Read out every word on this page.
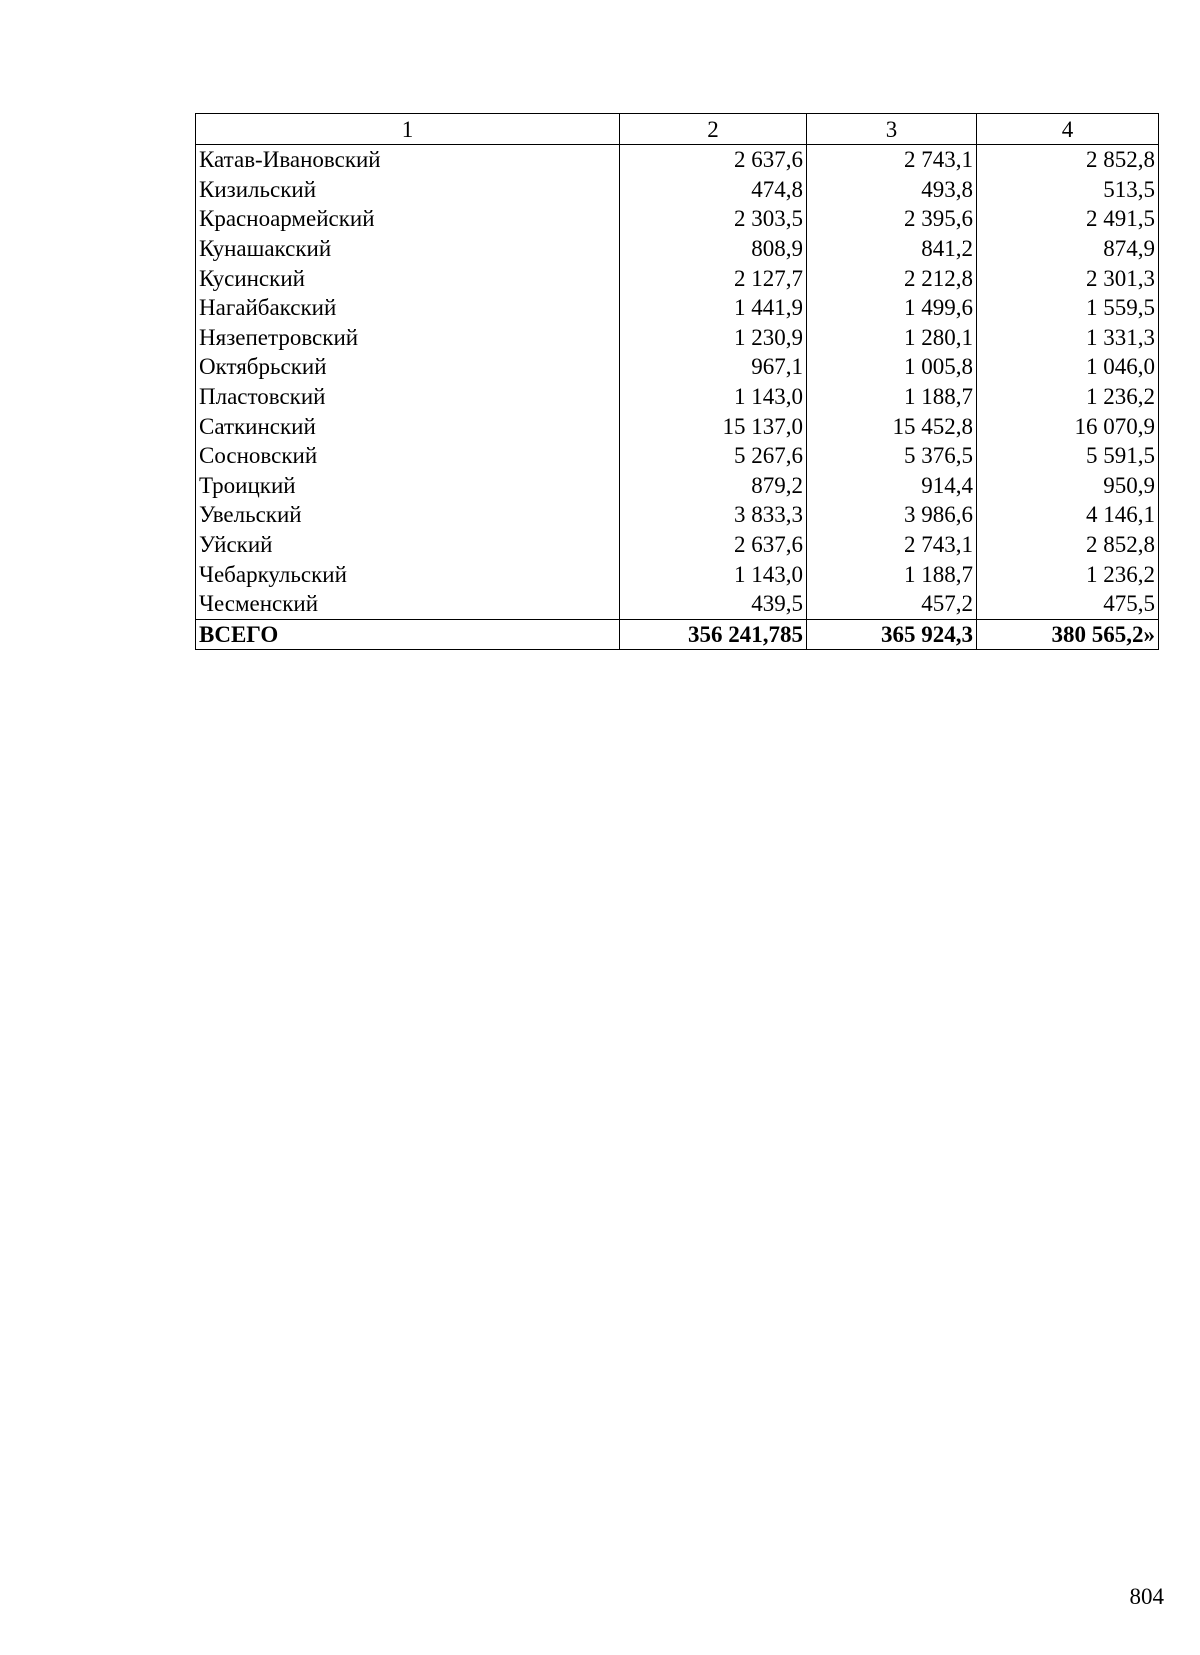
1	2	3	4
Катав-Ивановский	2 637,6	2 743,1	2 852,8
Кизильский	474,8	493,8	513,5
Красноармейский	2 303,5	2 395,6	2 491,5
Кунашакский	808,9	841,2	874,9
Кусинский	2 127,7	2 212,8	2 301,3
Нагайбакский	1 441,9	1 499,6	1 559,5
Нязепетровский	1 230,9	1 280,1	1 331,3
Октябрьский	967,1	1 005,8	1 046,0
Пластовский	1 143,0	1 188,7	1 236,2
Саткинский	15 137,0	15 452,8	16 070,9
Сосновский	5 267,6	5 376,5	5 591,5
Троицкий	879,2	914,4	950,9
Увельский	3 833,3	3 986,6	4 146,1
Уйский	2 637,6	2 743,1	2 852,8
Чебаркульский	1 143,0	1 188,7	1 236,2
Чесменский	439,5	457,2	475,5
ВСЕГО	356 241,785	365 924,3	380 565,2»
804
